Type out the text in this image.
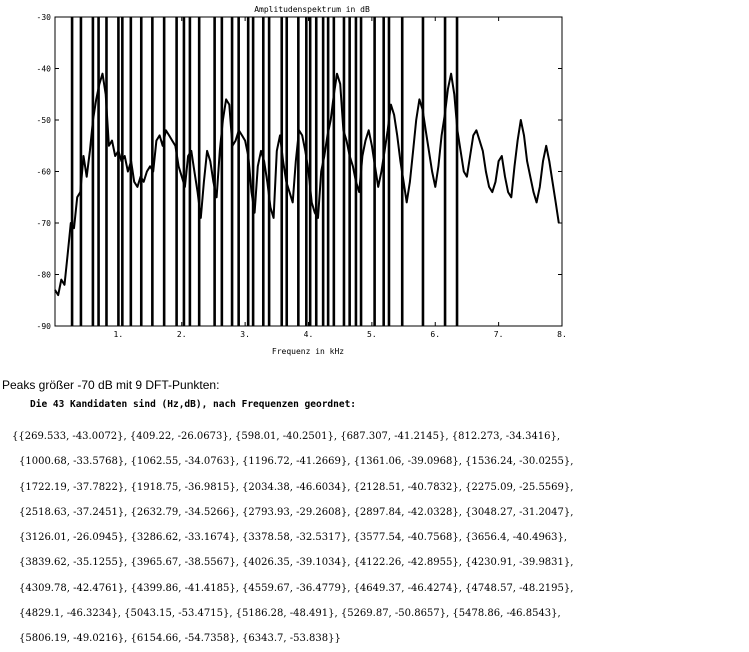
Amplitudenspektrum in dB
-30
-40
-50
-60
-70
-80
-90
1.	2.	3.	4.	5.	6.	7.	8.
Frequenz in kHz
Peaks größer -70 dB mit 9 DFT-Punkten:
Die 43 Kandidaten sind (Hz,dB), nach Frequenzen geordnet:
{{269.533, -43.0072}, {409.22, -26.0673}, {598.01, -40.2501}, {687.307, -41.2145}, {812.273, -34.3416},
{1000.68, -33.5768}, {1062.55, -34.0763}, {1196.72, -41.2669}, {1361.06, -39.0968}, {1536.24, -30.0255},
{1722.19, -37.7822}, {1918.75, -36.9815}, {2034.38, -46.6034}, {2128.51, -40.7832}, {2275.09, -25.5569},
{2518.63, -37.2451}, {2632.79, -34.5266}, {2793.93, -29.2608}, {2897.84, -42.0328}, {3048.27, -31.2047},
{3126.01, -26.0945}, {3286.62, -33.1674}, {3378.58, -32.5317}, {3577.54, -40.7568}, {3656.4, -40.4963},
{3839.62, -35.1255}, {3965.67, -38.5567}, {4026.35, -39.1034}, {4122.26, -42.8955}, {4230.91, -39.9831},
{4309.78, -42.4761}, {4399.86, -41.4185}, {4559.67, -36.4779}, {4649.37, -46.4274}, {4748.57, -48.2195},
{4829.1, -46.3234}, {5043.15, -53.4715}, {5186.28, -48.491}, {5269.87, -50.8657}, {5478.86, -46.8543},
{5806.19, -49.0216}, {6154.66, -54.7358}, {6343.7, -53.838}}
